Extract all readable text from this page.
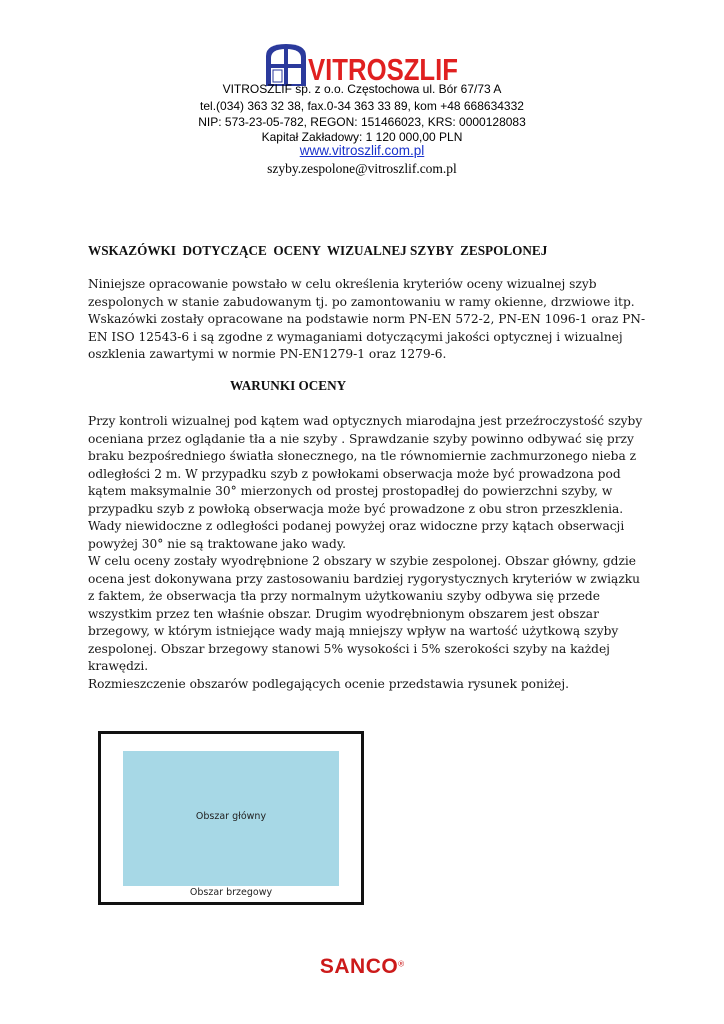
VITROSZLIF
VITROSZLIF sp. z o.o. Częstochowa ul. Bór 67/73 A
tel.(034) 363 32 38, fax.0-34 363 33 89, kom +48 668634332
NIP: 573-23-05-782, REGON: 151466023, KRS: 0000128083
Kapitał Zakładowy: 1 120 000,00 PLN
www.vitroszlif.com.pl
szyby.zespolone@vitroszlif.com.pl
WSKAZÓWKI  DOTYCZĄCE  OCENY  WIZUALNEJ SZYBY  ZESPOLONEJ

Niniejsze opracowanie powstało w celu określenia kryteriów oceny wizualnej szyb zespolonych w stanie zabudowanym tj. po zamontowaniu w ramy okienne, drzwiowe itp. Wskazówki zostały opracowane na podstawie norm PN-EN 572-2, PN-EN 1096-1 oraz PN-EN ISO 12543-6 i są zgodne z wymaganiami dotyczącymi jakości optycznej i wizualnej oszklenia zawartymi w normie PN-EN1279-1 oraz 1279-6.

WARUNKI OCENY

Przy kontroli wizualnej pod kątem wad optycznych miarodajna jest przeźroczystość szyby oceniana przez oglądanie tła a nie szyby . Sprawdzanie szyby powinno odbywać się przy braku bezpośredniego światła słonecznego, na tle równomiernie zachmurzonego nieba z odległości 2 m. W przypadku szyb z powłokami obserwacja może być prowadzona pod kątem maksymalnie 30° mierzonych od prostej prostopadłej do powierzchni szyby, w przypadku szyb z powłoką obserwacja może być prowadzone z obu stron przeszklenia. Wady niewidoczne z odległości podanej powyżej oraz widoczne przy kątach obserwacji powyżej 30° nie są traktowane jako wady.

W celu oceny zostały wyodrębnione 2 obszary w szybie zespolonej. Obszar główny, gdzie ocena jest dokonywana przy zastosowaniu bardziej rygorystycznych kryteriów w związku z faktem, że obserwacja tła przy normalnym użytkowaniu szyby odbywa się przede wszystkim przez ten właśnie obszar. Drugim wyodrębnionym obszarem jest obszar brzegowy, w którym istniejące wady mają mniejszy wpływ na wartość użytkową szyby zespolonej. Obszar brzegowy stanowi 5% wysokości i 5% szerokości szyby na każdej krawędzi.

Rozmieszczenie obszarów podlegających ocenie przedstawia rysunek poniżej.

Obszar główny
Obszar brzegowy
SANCO®
